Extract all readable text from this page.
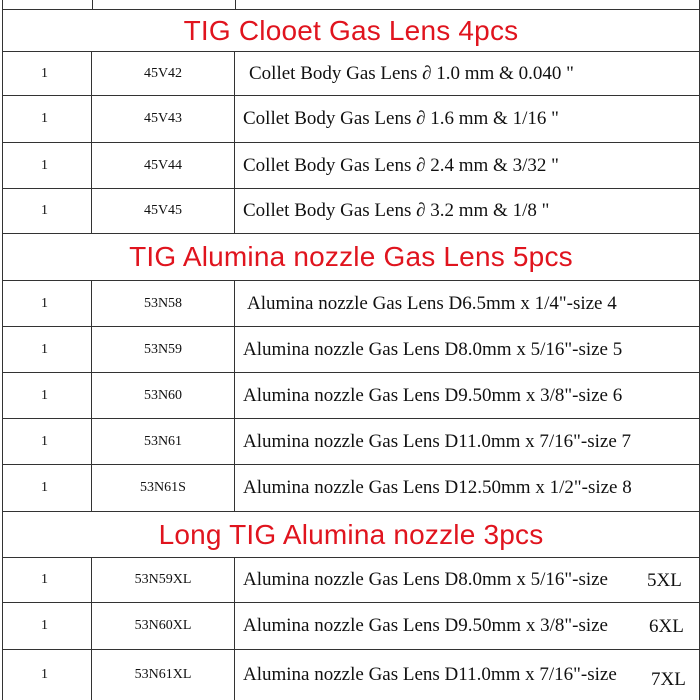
TIG Clooet Gas Lens 4pcs
1	45V42	Collet Body Gas Lens ∂ 1.0 mm & 0.040 "
1	45V43	Collet Body Gas Lens ∂ 1.6 mm & 1/16 "
1	45V44	Collet Body Gas Lens ∂ 2.4 mm & 3/32 "
1	45V45	Collet Body Gas Lens ∂ 3.2 mm & 1/8 "
TIG Alumina nozzle Gas Lens 5pcs
1	53N58	Alumina nozzle Gas Lens D6.5mm x 1/4"-size 4
1	53N59	Alumina nozzle Gas Lens D8.0mm x 5/16"-size 5
1	53N60	Alumina nozzle Gas Lens D9.50mm x 3/8"-size 6
1	53N61	Alumina nozzle Gas Lens D11.0mm x 7/16"-size 7
1	53N61S	Alumina nozzle Gas Lens D12.50mm x 1/2"-size 8
Long TIG Alumina nozzle 3pcs
1	53N59XL	Alumina nozzle Gas Lens D8.0mm x 5/16"-size 5XL
1	53N60XL	Alumina nozzle Gas Lens D9.50mm x 3/8"-size 6XL
1	53N61XL	Alumina nozzle Gas Lens D11.0mm x 7/16"-size 7XL
